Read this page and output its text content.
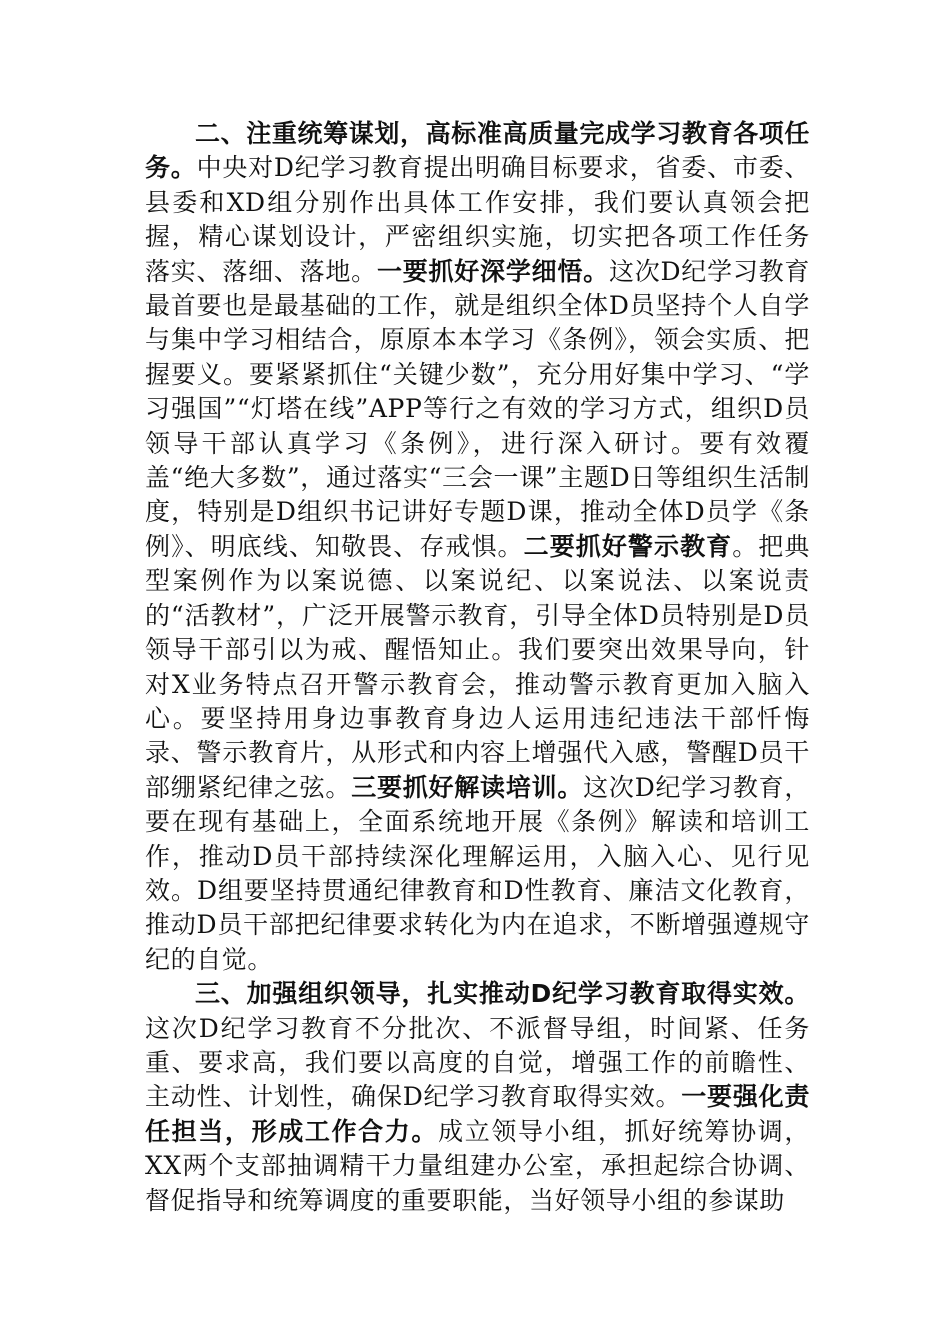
二、注重统筹谋划，高标准高质量完成学习教育各项任务。中央对D纪学习教育提出明确目标要求，省委、市委、县委和XD组分别作出具体工作安排，我们要认真领会把握，精心谋划设计，严密组织实施，切实把各项工作任务落实、落细、落地。一要抓好深学细悟。这次D纪学习教育最首要也是最基础的工作，就是组织全体D员坚持个人自学与集中学习相结合，原原本本学习《条例》，领会实质、把握要义。要紧紧抓住“关键少数”，充分用好集中学习、“学习强国”“灯塔在线”APP等行之有效的学习方式，组织D员领导干部认真学习《条例》，进行深入研讨。要有效覆盖“绝大多数”，通过落实“三会一课”主题D日等组织生活制度，特别是D组织书记讲好专题D课，推动全体D员学《条例》、明底线、知敬畏、存戒惧。二要抓好警示教育。把典型案例作为以案说德、以案说纪、以案说法、以案说责的“活教材”，广泛开展警示教育，引导全体D员特别是D员领导干部引以为戒、醒悟知止。我们要突出效果导向，针对X业务特点召开警示教育会，推动警示教育更加入脑入心。要坚持用身边事教育身边人运用违纪违法干部忏悔录、警示教育片，从形式和内容上增强代入感，警醒D员干部绷紧纪律之弦。三要抓好解读培训。这次D纪学习教育，要在现有基础上，全面系统地开展《条例》解读和培训工作，推动D员干部持续深化理解运用，入脑入心、见行见效。D组要坚持贯通纪律教育和D性教育、廉洁文化教育，推动D员干部把纪律要求转化为内在追求，不断增强遵规守纪的自觉。

三、加强组织领导，扎实推动D纪学习教育取得实效。这次D纪学习教育不分批次、不派督导组，时间紧、任务重、要求高，我们要以高度的自觉，增强工作的前瞻性、主动性、计划性，确保D纪学习教育取得实效。一要强化责任担当，形成工作合力。成立领导小组，抓好统筹协调，XX两个支部抽调精干力量组建办公室，承担起综合协调、督促指导和统筹调度的重要职能，当好领导小组的参谋助
